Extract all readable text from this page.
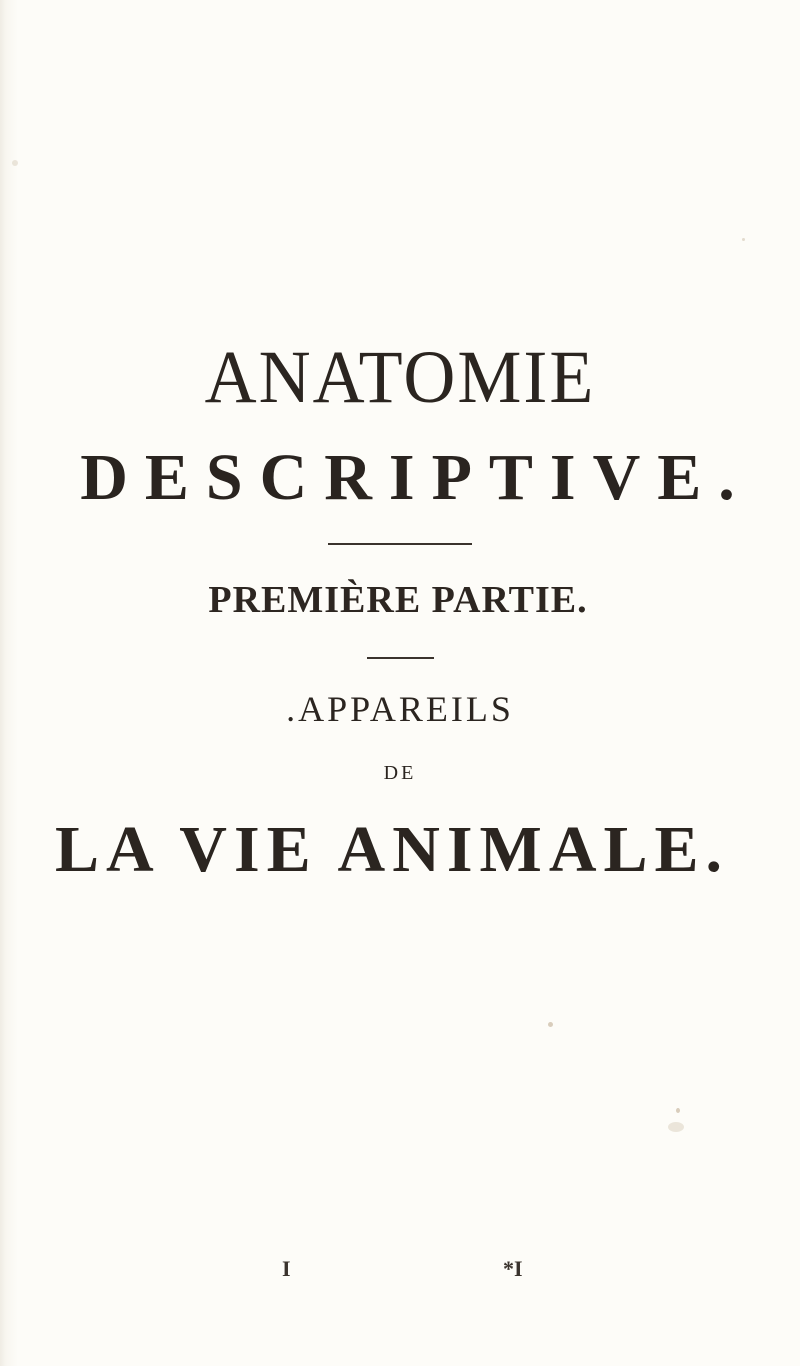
ANATOMIE
DESCRIPTIVE.
PREMIÈRE PARTIE.
.APPAREILS
DE
LA VIE ANIMALE.
I	*I
